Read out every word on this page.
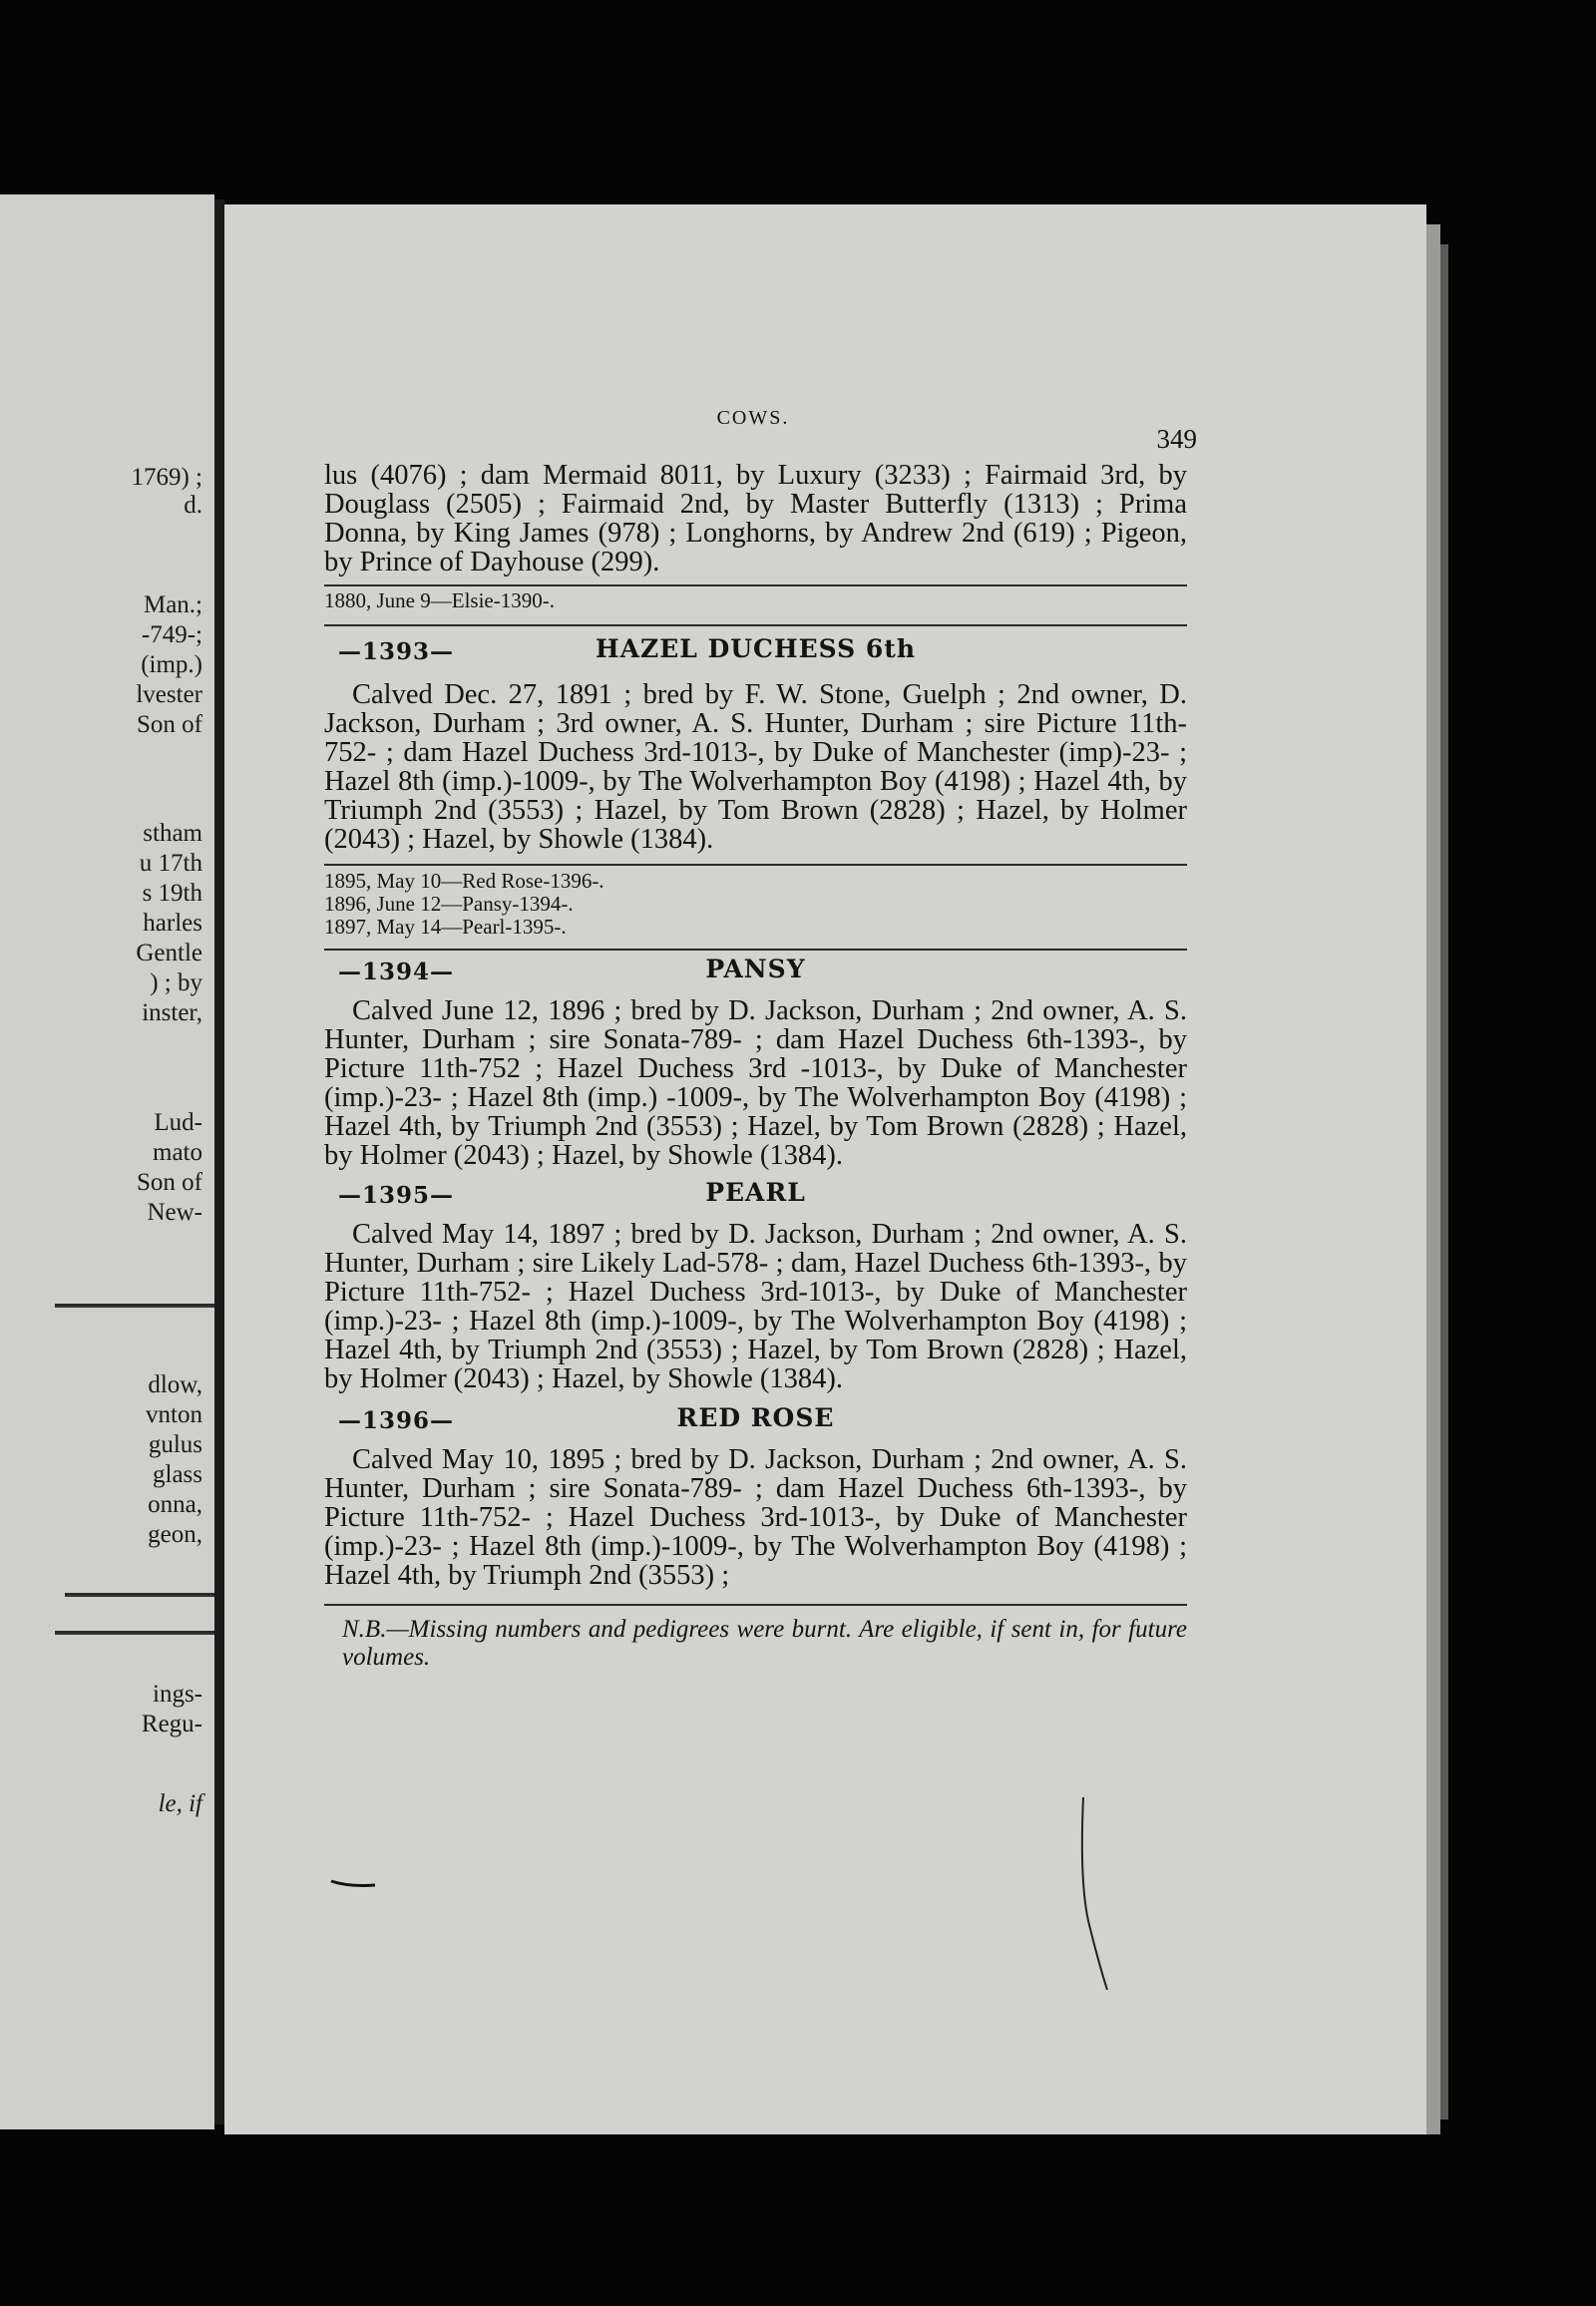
1769) ;
d.
Man.;
-749-;
(imp.)
lvester
Son of
stham
u 17th
s 19th
harles
Gentle
) ; by
inster,
Lud-
mato
Son of
New-
dlow,
vnton
gulus
glass
onna,
geon,
ings-
Regu-
le, if
COWS.
349

lus (4076) ; dam Mermaid 8011, by Luxury (3233) ; Fairmaid 3rd, by Douglass (2505) ; Fairmaid 2nd, by Master Butterfly (1313) ; Prima Donna, by King James (978) ; Longhorns, by Andrew 2nd (619) ; Pigeon, by Prince of Dayhouse (299).

1880, June 9—Elsie-1390-.

—1393—	HAZEL DUCHESS 6th

Calved Dec. 27, 1891 ; bred by F. W. Stone, Guelph ; 2nd owner, D. Jackson, Durham ; 3rd owner, A. S. Hunter, Durham ; sire Picture 11th-752- ; dam Hazel Duchess 3rd-1013-, by Duke of Manchester (imp)-23- ; Hazel 8th (imp.)-1009-, by The Wolverhampton Boy (4198) ; Hazel 4th, by Triumph 2nd (3553) ; Hazel, by Tom Brown (2828) ; Hazel, by Holmer (2043) ; Hazel, by Showle (1384).

1895, May 10—Red Rose-1396-.

1896, June 12—Pansy-1394-.

1897, May 14—Pearl-1395-.

—1394—	PANSY

Calved June 12, 1896 ; bred by D. Jackson, Durham ; 2nd owner, A. S. Hunter, Durham ; sire Sonata-789- ; dam Hazel Duchess 6th-1393-, by Picture 11th-752 ; Hazel Duchess 3rd -1013-, by Duke of Manchester (imp.)-23- ; Hazel 8th (imp.) -1009-, by The Wolverhampton Boy (4198) ; Hazel 4th, by Triumph 2nd (3553) ; Hazel, by Tom Brown (2828) ; Hazel, by Holmer (2043) ; Hazel, by Showle (1384).

—1395—	PEARL

Calved May 14, 1897 ; bred by D. Jackson, Durham ; 2nd owner, A. S. Hunter, Durham ; sire Likely Lad-578- ; dam, Hazel Duchess 6th-1393-, by Picture 11th-752- ; Hazel Duchess 3rd-1013-, by Duke of Manchester (imp.)-23- ; Hazel 8th (imp.)-1009-, by The Wolverhampton Boy (4198) ; Hazel 4th, by Triumph 2nd (3553) ; Hazel, by Tom Brown (2828) ; Hazel, by Holmer (2043) ; Hazel, by Showle (1384).

—1396—	RED ROSE

Calved May 10, 1895 ; bred by D. Jackson, Durham ; 2nd owner, A. S. Hunter, Durham ; sire Sonata-789- ; dam Hazel Duchess 6th-1393-, by Picture 11th-752- ; Hazel Duchess 3rd-1013-, by Duke of Manchester (imp.)-23- ; Hazel 8th (imp.)-1009-, by The Wolverhampton Boy (4198) ; Hazel 4th, by Triumph 2nd (3553) ;

N.B.—Missing numbers and pedigrees were burnt. Are eligible, if sent in, for future volumes.
